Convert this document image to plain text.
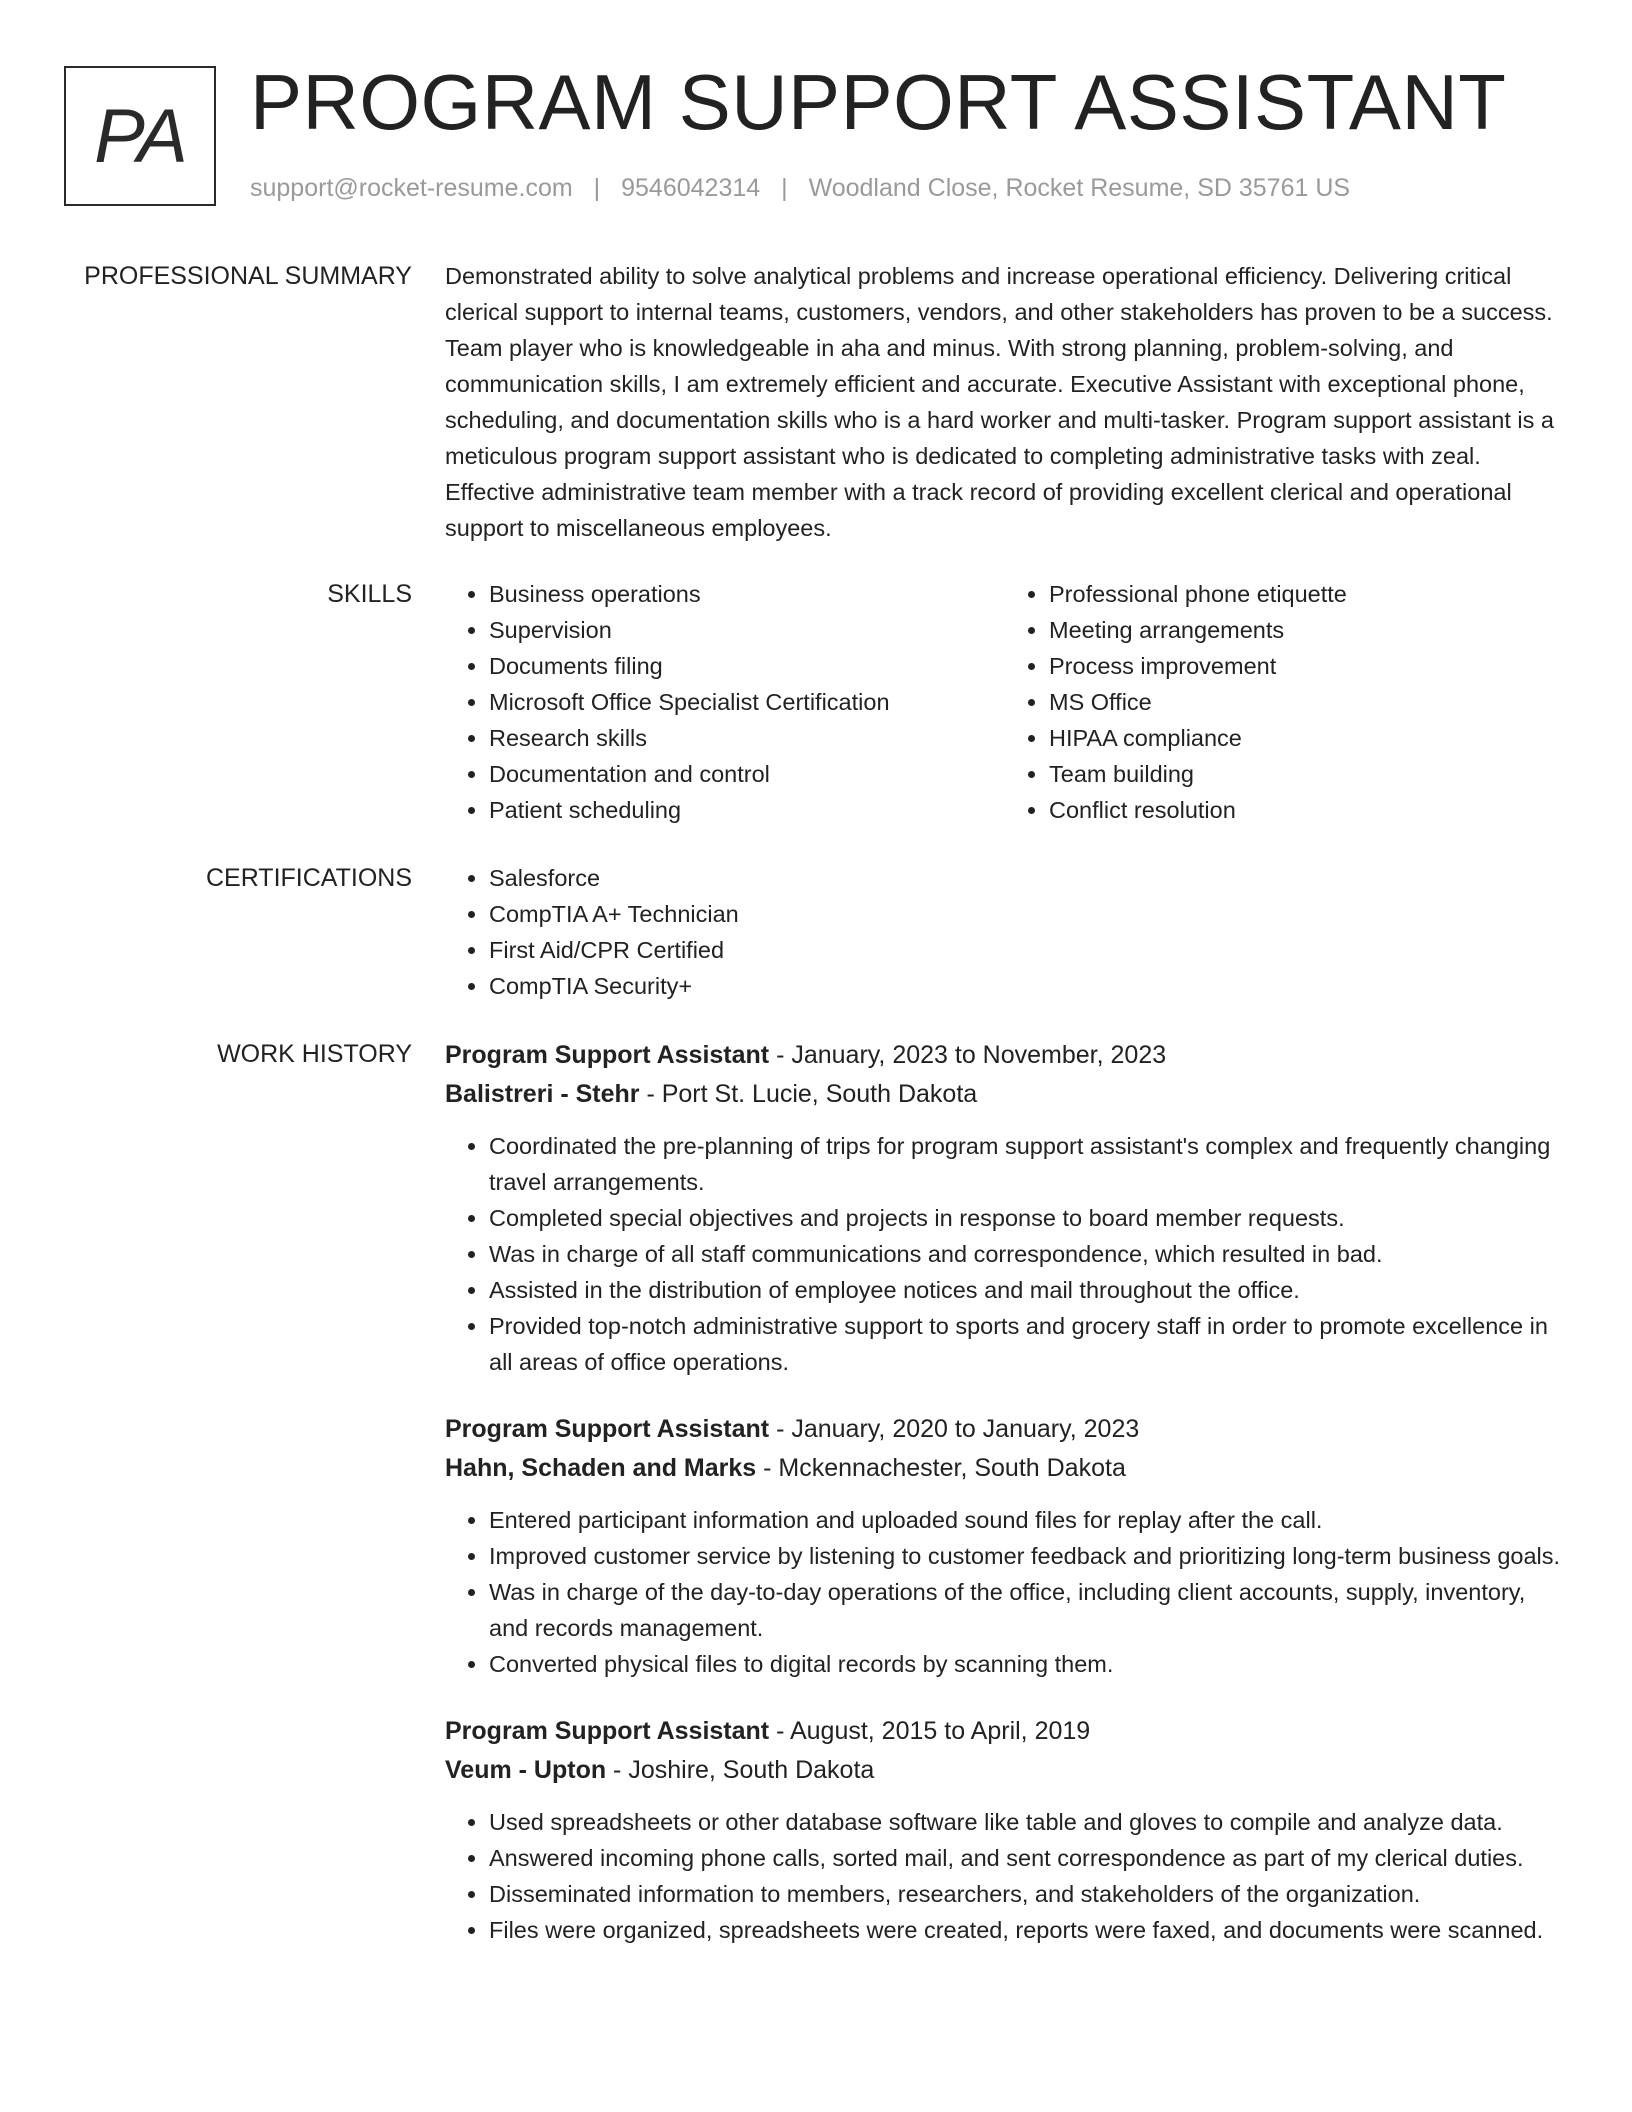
PA PROGRAM SUPPORT ASSISTANT
support@rocket-resume.com | 9546042314 | Woodland Close, Rocket Resume, SD 35761 US
PROFESSIONAL SUMMARY Demonstrated ability to solve analytical problems and increase operational efficiency. Delivering critical clerical support to internal teams, customers, vendors, and other stakeholders has proven to be a success. Team player who is knowledgeable in aha and minus. With strong planning, problem-solving, and communication skills, I am extremely efficient and accurate. Executive Assistant with exceptional phone, scheduling, and documentation skills who is a hard worker and multi-tasker. Program support assistant is a meticulous program support assistant who is dedicated to completing administrative tasks with zeal. Effective administrative team member with a track record of providing excellent clerical and operational support to miscellaneous employees.

SKILLS	• Business operations
• Supervision
• Documents filing
• Microsoft Office Specialist Certification
• Research skills
• Documentation and control
• Patient scheduling
• Professional phone etiquette
• Meeting arrangements
• Process improvement
• MS Office
• HIPAA compliance
• Team building
• Conflict resolution
CERTIFICATIONS	• Salesforce
• CompTIA A+ Technician
• First Aid/CPR Certified
• CompTIA Security+
WORK HISTORY Program Support Assistant - January, 2023 to November, 2023
Balistreri - Stehr - Port St. Lucie, South Dakota
• Coordinated the pre-planning of trips for program support assistant's complex and frequently changing travel arrangements.
• Completed special objectives and projects in response to board member requests.
• Was in charge of all staff communications and correspondence, which resulted in bad.
• Assisted in the distribution of employee notices and mail throughout the office.
• Provided top-notch administrative support to sports and grocery staff in order to promote excellence in all areas of office operations.
Program Support Assistant - January, 2020 to January, 2023
Hahn, Schaden and Marks - Mckennachester, South Dakota
• Entered participant information and uploaded sound files for replay after the call.
• Improved customer service by listening to customer feedback and prioritizing long-term business goals.
• Was in charge of the day-to-day operations of the office, including client accounts, supply, inventory, and records management.
• Converted physical files to digital records by scanning them.
Program Support Assistant - August, 2015 to April, 2019
Veum - Upton - Joshire, South Dakota
• Used spreadsheets or other database software like table and gloves to compile and analyze data.
• Answered incoming phone calls, sorted mail, and sent correspondence as part of my clerical duties.
• Disseminated information to members, researchers, and stakeholders of the organization.
• Files were organized, spreadsheets were created, reports were faxed, and documents were scanned.
